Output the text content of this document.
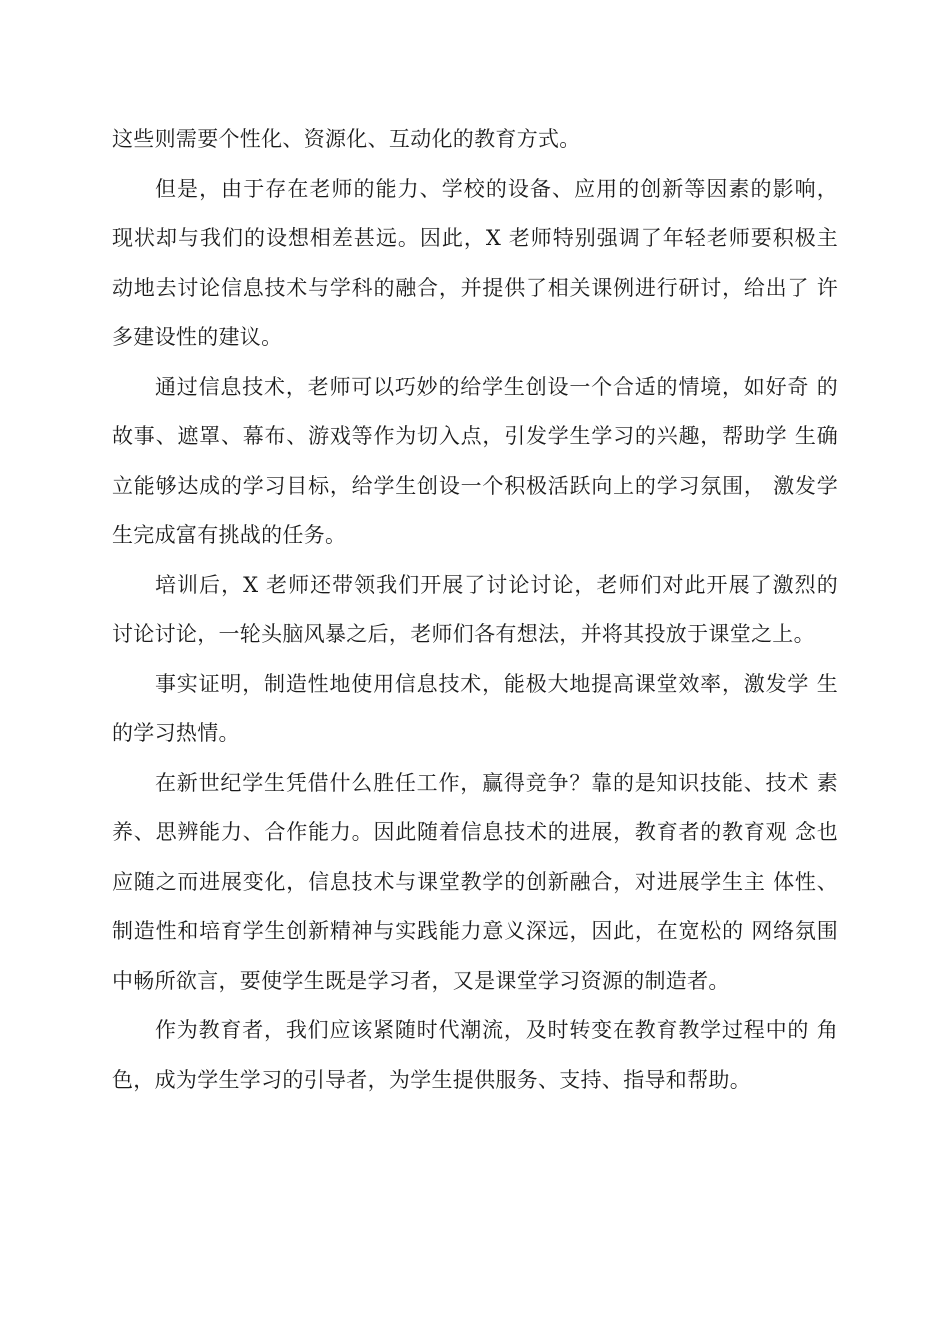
这些则需要个性化、资源化、互动化的教育方式。
但是，由于存在老师的能力、学校的设备、应用的创新等因素的影响，
现状却与我们的设想相差甚远。因此，X 老师特别强调了年轻老师要积极主
动地去讨论信息技术与学科的融合，并提供了相关课例进行研讨，给出了 许
多建设性的建议。
通过信息技术，老师可以巧妙的给学生创设一个合适的情境，如好奇 的
故事、遮罩、幕布、游戏等作为切入点，引发学生学习的兴趣，帮助学 生确
立能够达成的学习目标，给学生创设一个积极活跃向上的学习氛围， 激发学
生完成富有挑战的任务。
培训后，X 老师还带领我们开展了讨论讨论，老师们对此开展了激烈的
讨论讨论，一轮头脑风暴之后，老师们各有想法，并将其投放于课堂之上。
事实证明，制造性地使用信息技术，能极大地提高课堂效率，激发学 生
的学习热情。
在新世纪学生凭借什么胜任工作，赢得竞争？靠的是知识技能、技术 素
养、思辨能力、合作能力。因此随着信息技术的进展，教育者的教育观 念也
应随之而进展变化，信息技术与课堂教学的创新融合，对进展学生主 体性、
制造性和培育学生创新精神与实践能力意义深远，因此，在宽松的 网络氛围
中畅所欲言，要使学生既是学习者，又是课堂学习资源的制造者。
作为教育者，我们应该紧随时代潮流，及时转变在教育教学过程中的 角
色，成为学生学习的引导者，为学生提供服务、支持、指导和帮助。
